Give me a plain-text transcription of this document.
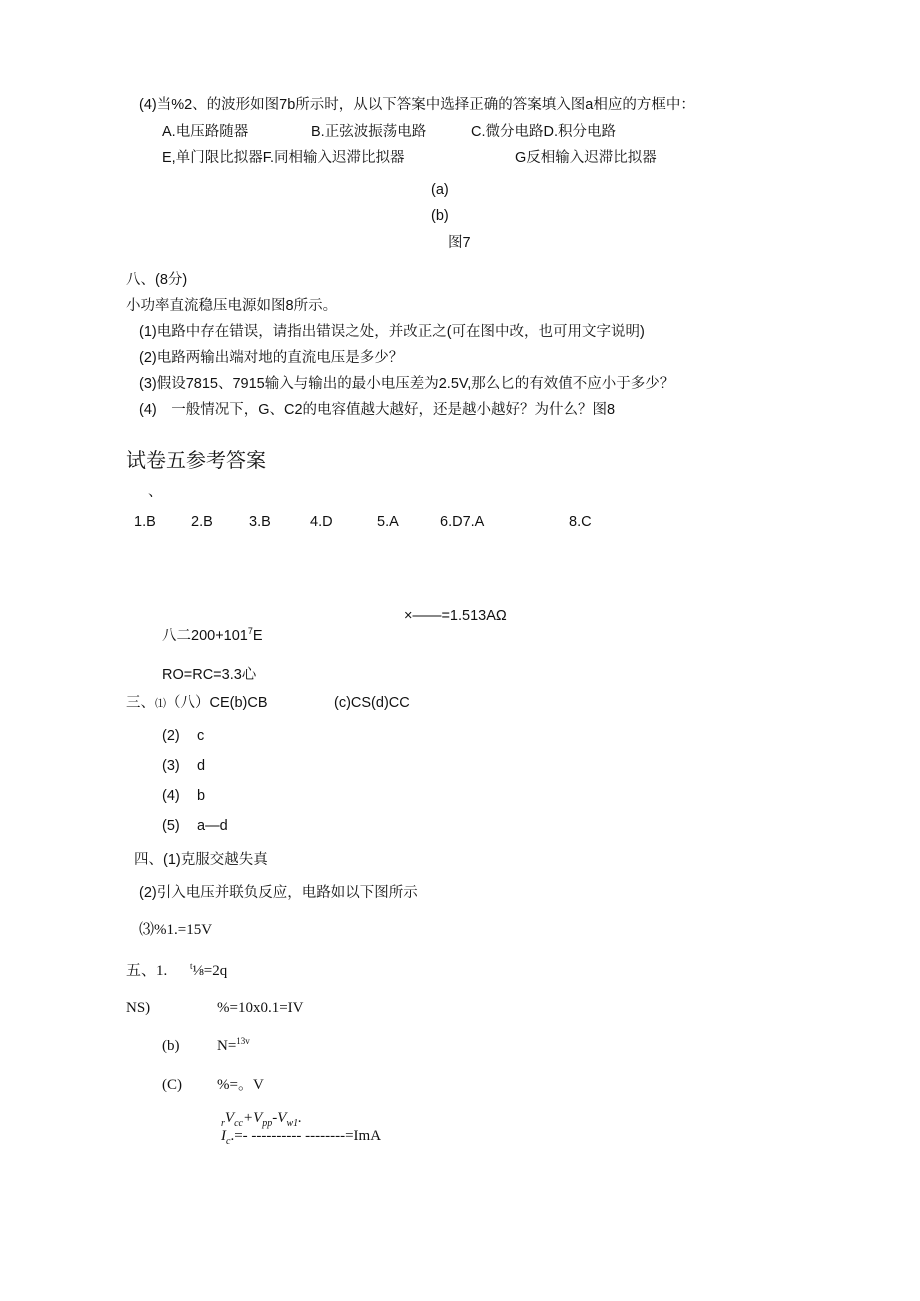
(4)当%2、的波形如图7b所示时，从以下答案中选择正确的答案填入图a相应的方框中：
A.电压路随器	B.正弦波振荡电路	C.微分电路D.积分电路
E,单门限比拟器F.同相输入迟滞比拟器	G反相输入迟滞比拟器
(a)
(b)
图7
八、(8分)
小功率直流稳压电源如图8所示。
(1)电路中存在错误，请指出错误之处，并改正之(可在图中改，也可用文字说明)
(2)电路两输出端对地的直流电压是多少？
(3)假设7815、7915输入与输出的最小电压差为2.5V,那么匕的有效值不应小于多少？
(4)　一般情况下，G、C2的电容值越大越好，还是越小越好？为什么？图8
试卷五参考答案
、
1.B 2.B 3.B	4.D	5.A	6.D7.A	8.C
×——=1.513AΩ
八二$200+101^7E$
RO=RC=3.3心
三、⑴（八）CE(b)CB	(c)CS(d)CC
(2) c
(3) d
(4) b
(5) a—d
四、(1)克服交越失真
(2)引入电压并联负反应，电路如以下图所示
⑶%1.=15V
五、1.	$^t$⅛=2q
NS)	%=10x0.1=IV
(b)	N=$^{13v}$
(C) %=。V
$_rV_{cc}+V_{pp}-V_{w1}$.
$I_c.=-$ ---------- --------=ImA
